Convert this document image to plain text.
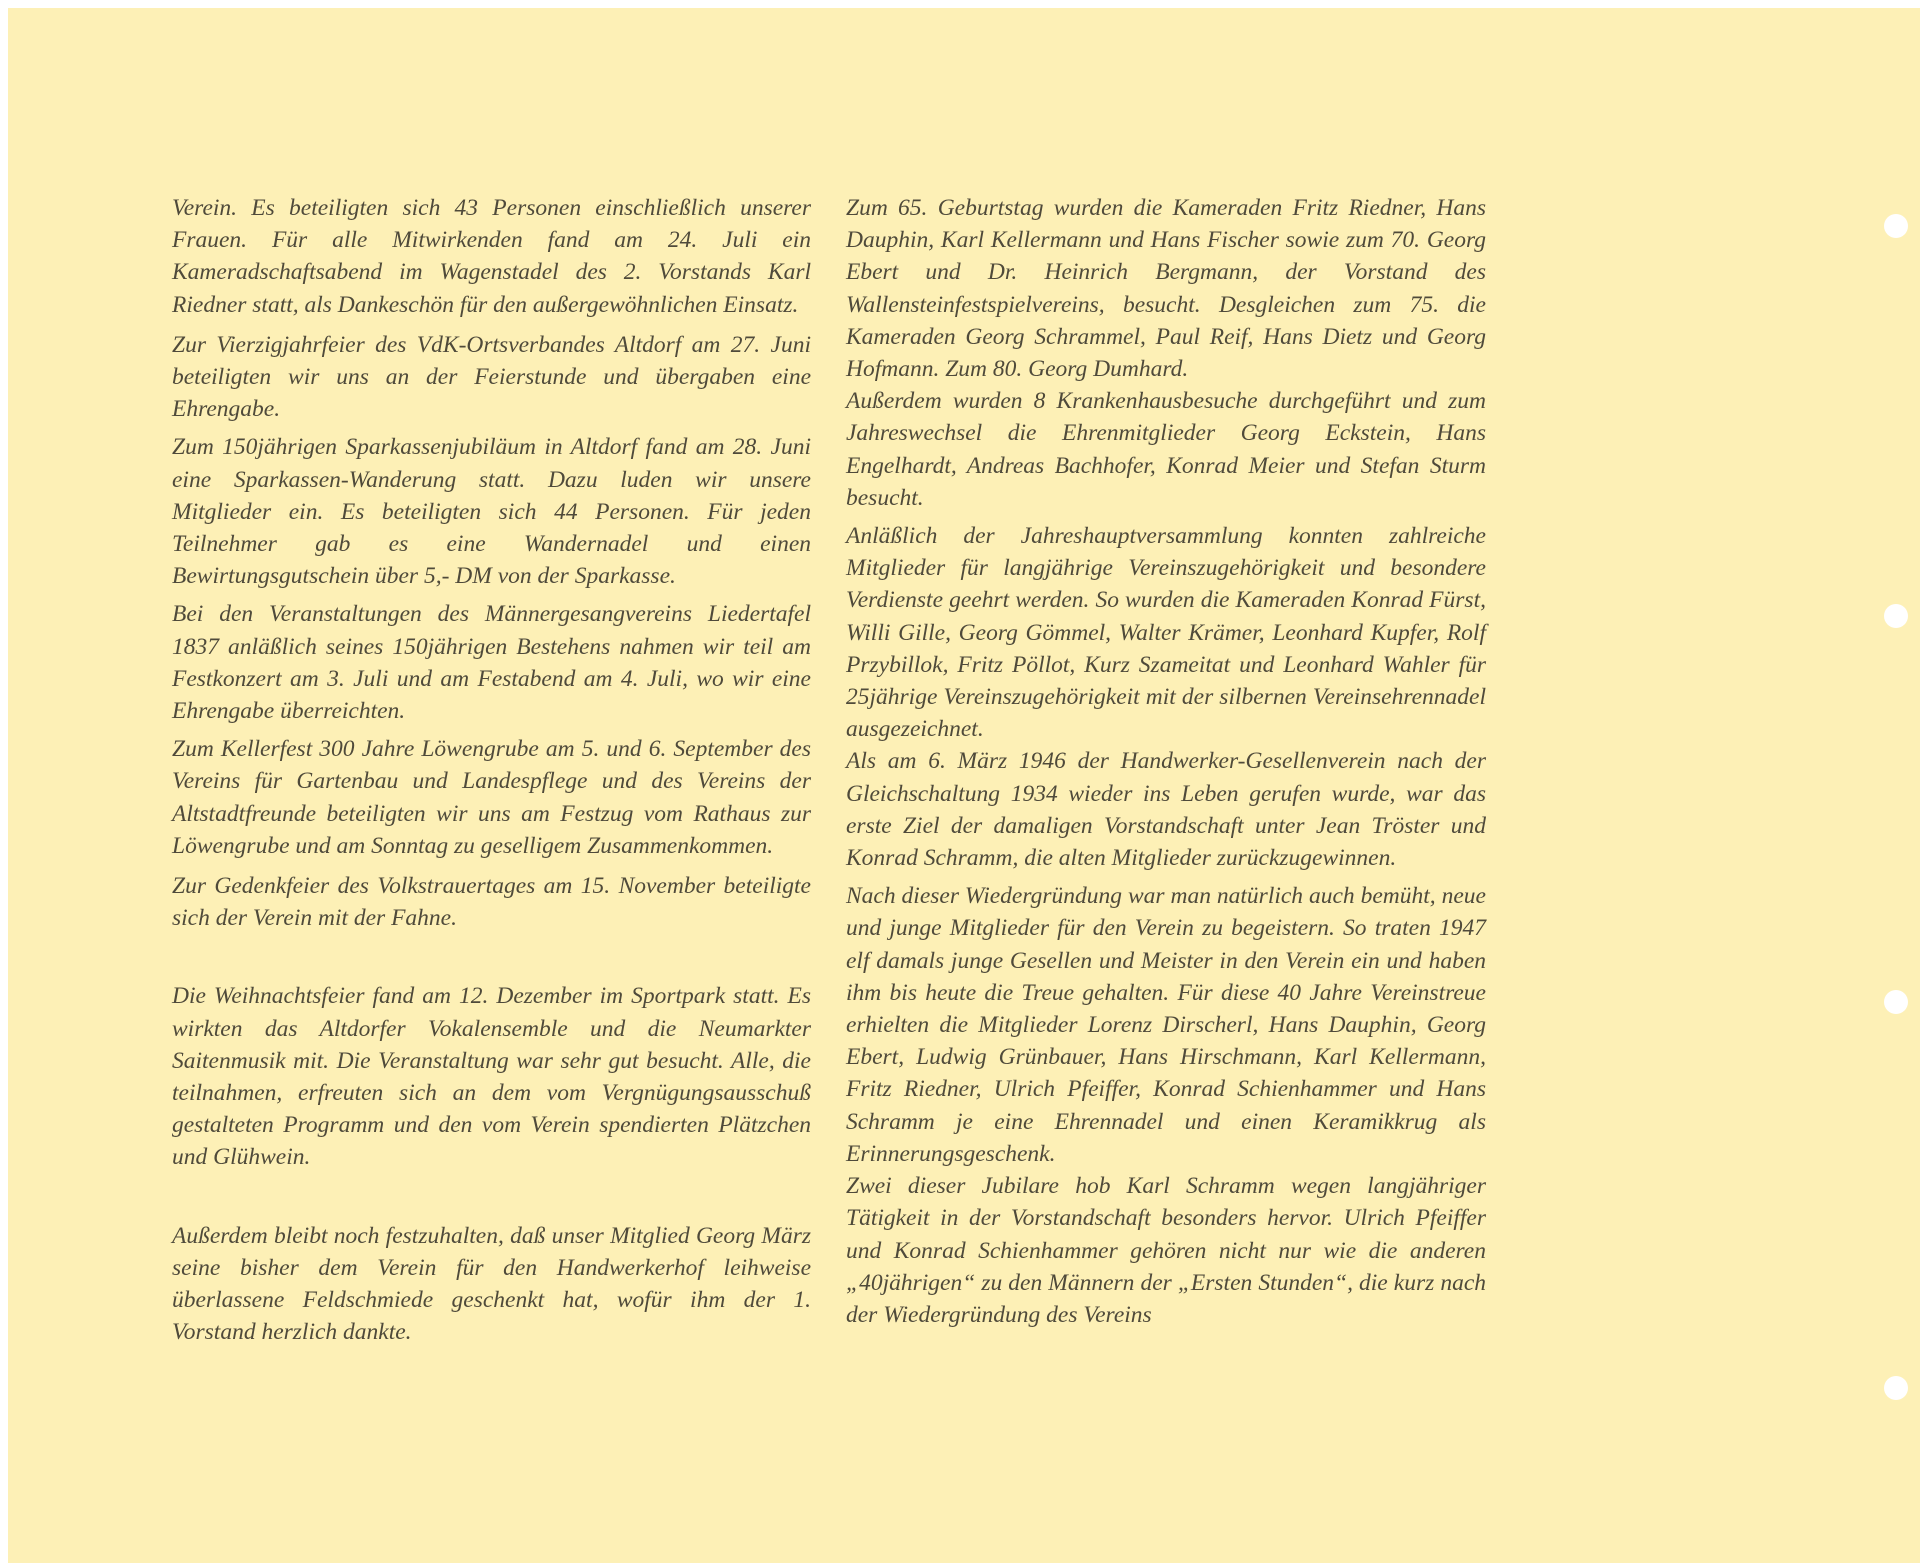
Verein. Es beteiligten sich 43 Personen einschließlich unserer Frauen. Für alle Mitwirkenden fand am 24. Juli ein Kameradschaftsabend im Wagenstadel des 2. Vorstands Karl Riedner statt, als Dankeschön für den außergewöhnlichen Einsatz.

Zur Vierzigjahrfeier des VdK-Ortsverbandes Altdorf am 27. Juni beteiligten wir uns an der Feierstunde und übergaben eine Ehrengabe.

Zum 150jährigen Sparkassenjubiläum in Altdorf fand am 28. Juni eine Sparkassen-Wanderung statt. Dazu luden wir unsere Mitglieder ein. Es beteiligten sich 44 Personen. Für jeden Teilnehmer gab es eine Wandernadel und einen Bewirtungsgutschein über 5,- DM von der Sparkasse.

Bei den Veranstaltungen des Männergesangvereins Liedertafel 1837 anläßlich seines 150jährigen Bestehens nahmen wir teil am Festkonzert am 3. Juli und am Festabend am 4. Juli, wo wir eine Ehrengabe überreichten.

Zum Kellerfest 300 Jahre Löwengrube am 5. und 6. September des Vereins für Gartenbau und Landespflege und des Vereins der Altstadtfreunde beteiligten wir uns am Festzug vom Rathaus zur Löwengrube und am Sonntag zu geselligem Zusammenkommen.

Zur Gedenkfeier des Volkstrauertages am 15. November beteiligte sich der Verein mit der Fahne.

Die Weihnachtsfeier fand am 12. Dezember im Sportpark statt. Es wirkten das Altdorfer Vokalensemble und die Neumarkter Saitenmusik mit. Die Veranstaltung war sehr gut besucht. Alle, die teilnahmen, erfreuten sich an dem vom Vergnügungsausschuß gestalteten Programm und den vom Verein spendierten Plätzchen und Glühwein.

Außerdem bleibt noch festzuhalten, daß unser Mitglied Georg März seine bisher dem Verein für den Handwerkerhof leihweise überlassene Feldschmiede geschenkt hat, wofür ihm der 1. Vorstand herzlich dankte.

Zum 65. Geburtstag wurden die Kameraden Fritz Riedner, Hans Dauphin, Karl Kellermann und Hans Fischer sowie zum 70. Georg Ebert und Dr. Heinrich Bergmann, der Vorstand des Wallensteinfestspielvereins, besucht. Desgleichen zum 75. die Kameraden Georg Schrammel, Paul Reif, Hans Dietz und Georg Hofmann. Zum 80. Georg Dumhard.

Außerdem wurden 8 Krankenhausbesuche durchgeführt und zum Jahreswechsel die Ehrenmitglieder Georg Eckstein, Hans Engelhardt, Andreas Bachhofer, Konrad Meier und Stefan Sturm besucht.

Anläßlich der Jahreshauptversammlung konnten zahlreiche Mitglieder für langjährige Vereinszugehörigkeit und besondere Verdienste geehrt werden. So wurden die Kameraden Konrad Fürst, Willi Gille, Georg Gömmel, Walter Krämer, Leonhard Kupfer, Rolf Przybillok, Fritz Pöllot, Kurz Szameitat und Leonhard Wahler für 25jährige Vereinszugehörigkeit mit der silbernen Vereinsehrennadel ausgezeichnet.

Als am 6. März 1946 der Handwerker-Gesellenverein nach der Gleichschaltung 1934 wieder ins Leben gerufen wurde, war das erste Ziel der damaligen Vorstandschaft unter Jean Tröster und Konrad Schramm, die alten Mitglieder zurückzugewinnen.

Nach dieser Wiedergründung war man natürlich auch bemüht, neue und junge Mitglieder für den Verein zu begeistern. So traten 1947 elf damals junge Gesellen und Meister in den Verein ein und haben ihm bis heute die Treue gehalten. Für diese 40 Jahre Vereinstreue erhielten die Mitglieder Lorenz Dirscherl, Hans Dauphin, Georg Ebert, Ludwig Grünbauer, Hans Hirschmann, Karl Kellermann, Fritz Riedner, Ulrich Pfeiffer, Konrad Schienhammer und Hans Schramm je eine Ehrennadel und einen Keramikkrug als Erinnerungsgeschenk.

Zwei dieser Jubilare hob Karl Schramm wegen langjähriger Tätigkeit in der Vorstandschaft besonders hervor. Ulrich Pfeiffer und Konrad Schienhammer gehören nicht nur wie die anderen „40jährigen“ zu den Männern der „Ersten Stunden“, die kurz nach der Wiedergründung des Vereins
